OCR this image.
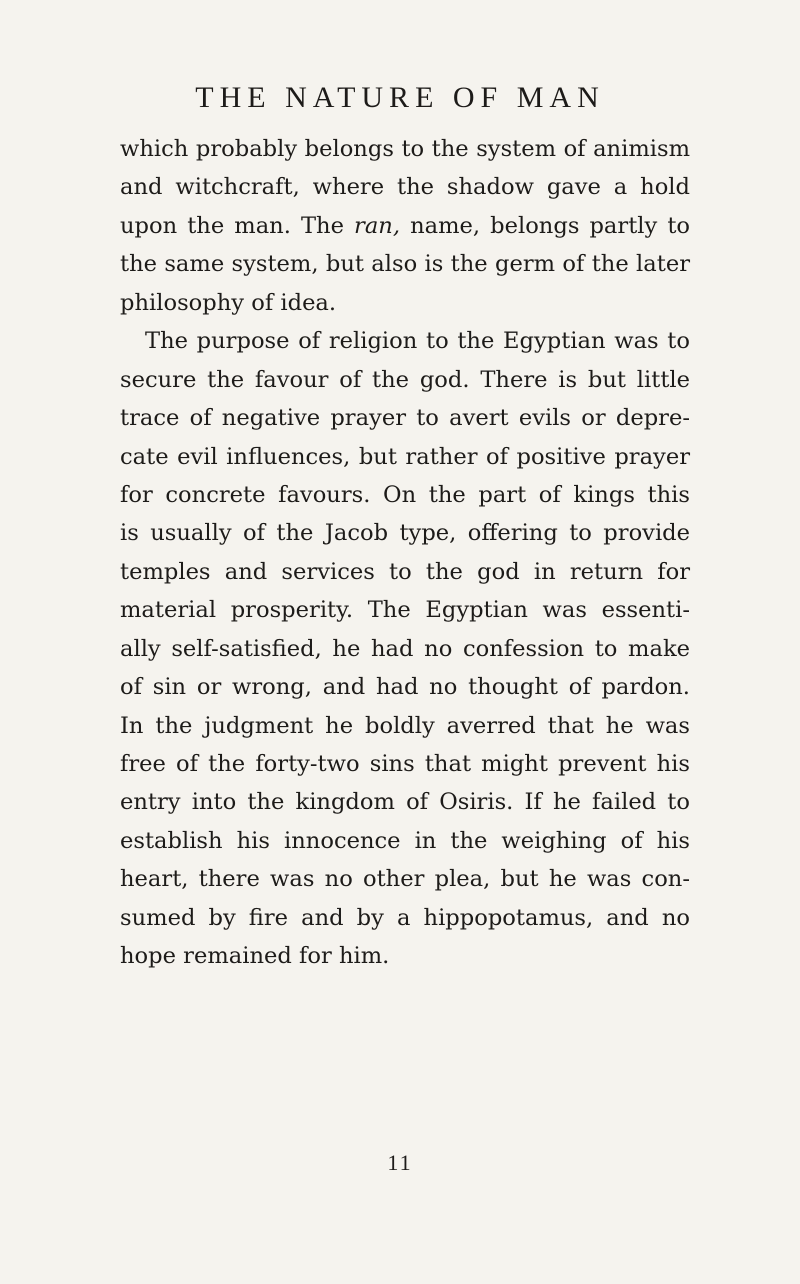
THE NATURE OF MAN
which probably belongs to the system of animism
and witchcraft, where the shadow gave a hold
upon the man. The ran, name, belongs partly to
the same system, but also is the germ of the later
philosophy of idea.
The purpose of religion to the Egyptian was to
secure the favour of the god. There is but little
trace of negative prayer to avert evils or depre-
cate evil influences, but rather of positive prayer
for concrete favours. On the part of kings this
is usually of the Jacob type, offering to provide
temples and services to the god in return for
material prosperity. The Egyptian was essenti-
ally self-satisfied, he had no confession to make
of sin or wrong, and had no thought of pardon.
In the judgment he boldly averred that he was
free of the forty-two sins that might prevent his
entry into the kingdom of Osiris. If he failed to
establish his innocence in the weighing of his
heart, there was no other plea, but he was con-
sumed by fire and by a hippopotamus, and no
hope remained for him.
11
